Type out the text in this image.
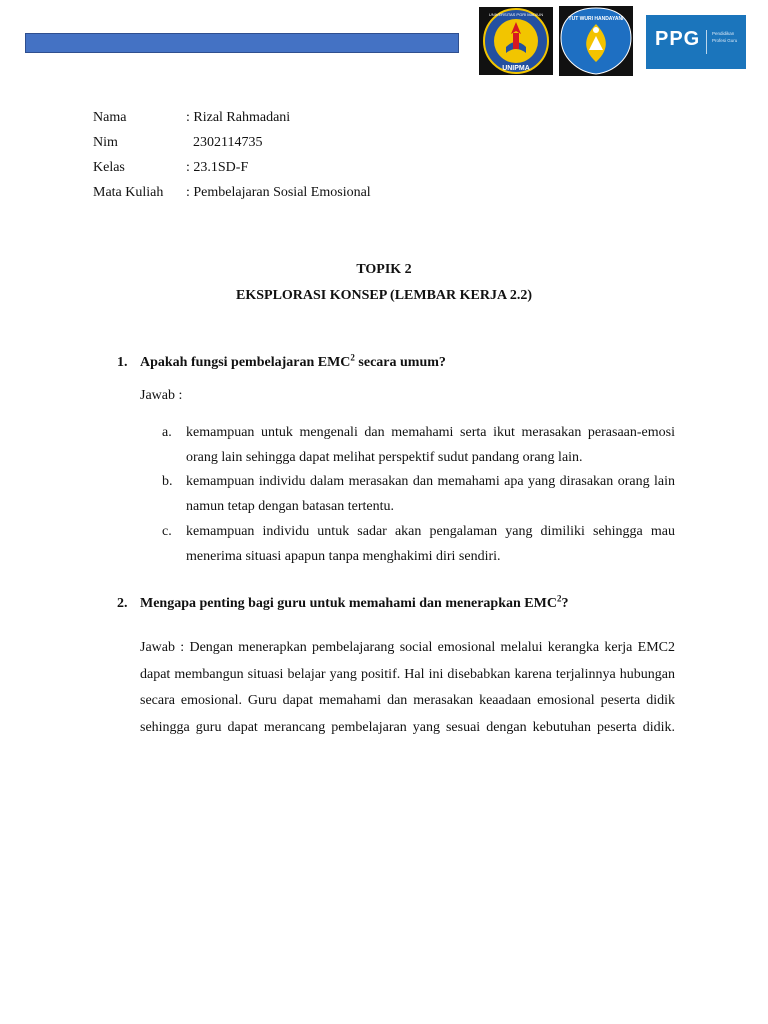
UNIPMA
UNIVERSITAS PGRI MADIUN
TUT WURI HANDAYANI
PPG	Pendidikan Profesi Guru
Nama	: Rizal Rahmadani
Nim	2302114735
Kelas	: 23.1SD-F
Mata Kuliah : Pembelajaran Sosial Emosional
TOPIK 2
EKSPLORASI KONSEP (LEMBAR KERJA 2.2)
1. Apakah fungsi pembelajaran EMC$^2$ secara umum?
Jawab :
a. kemampuan untuk mengenali dan memahami serta ikut merasakan perasaan-emosi orang lain sehingga dapat melihat perspektif sudut pandang orang lain.
b. kemampuan individu dalam merasakan dan memahami apa yang dirasakan orang lain namun tetap dengan batasan tertentu.
c. kemampuan individu untuk sadar akan pengalaman yang dimiliki sehingga mau menerima situasi apapun tanpa menghakimi diri sendiri.
2. Mengapa penting bagi guru untuk memahami dan menerapkan EMC$^2$?
Jawab : Dengan menerapkan pembelajarang social emosional melalui kerangka kerja EMC2 dapat membangun situasi belajar yang positif. Hal ini disebabkan karena terjalinnya hubungan secara emosional. Guru dapat memahami dan merasakan keaadaan emosional peserta didik sehingga guru dapat merancang pembelajaran yang sesuai dengan kebutuhan peserta didik.
